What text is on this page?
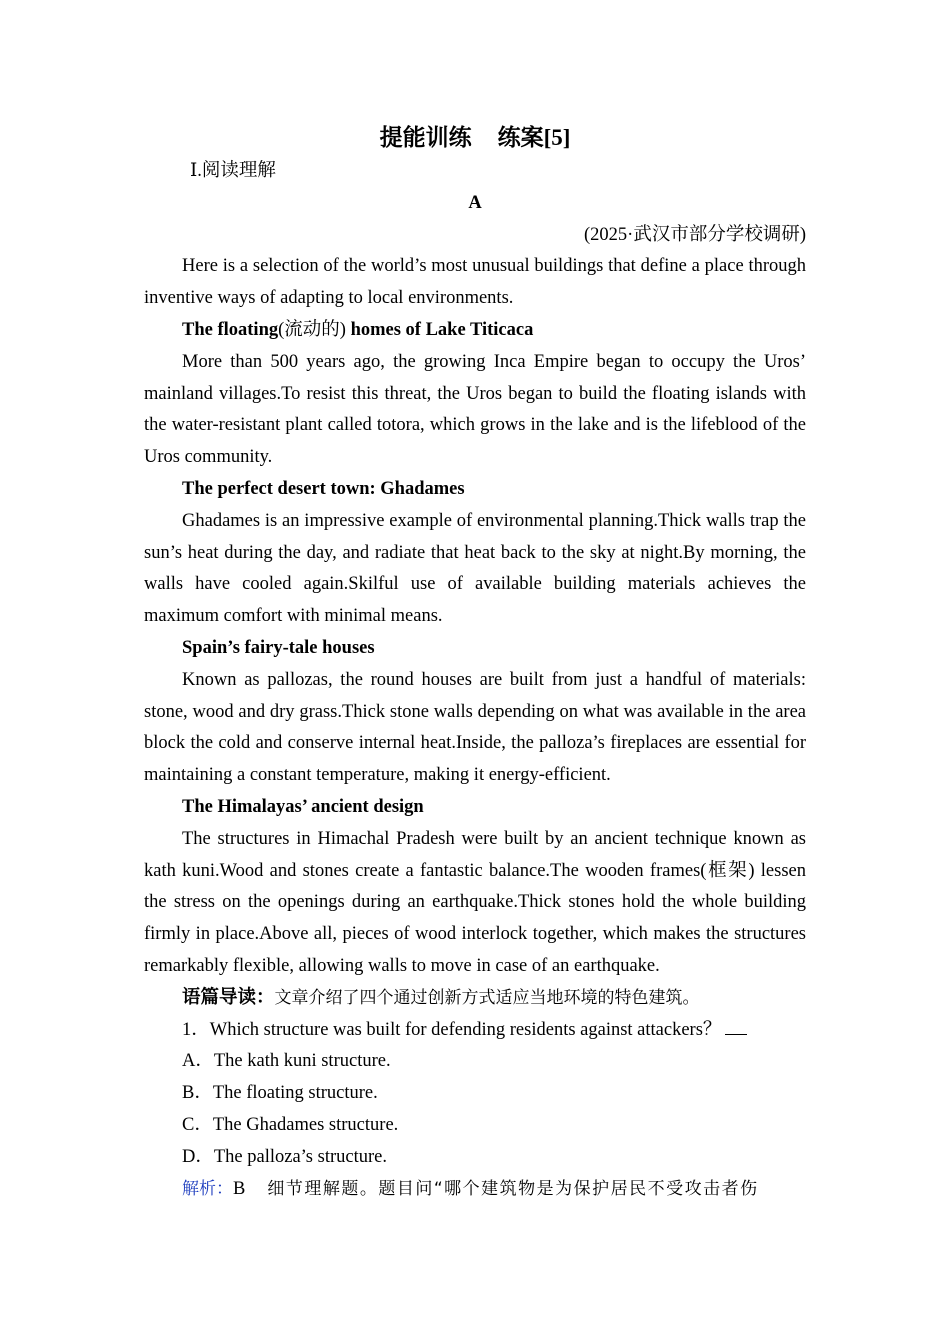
提能训练 练案[5]

Ⅰ.阅读理解

A

(2025·武汉市部分学校调研)

Here is a selection of the world’s most unusual buildings that define a place through inventive ways of adapting to local environments.

The floating(流动的) homes of Lake Titicaca

More than 500 years ago, the growing Inca Empire began to occupy the Uros’ mainland villages.To resist this threat, the Uros began to build the floating islands with the water-resistant plant called totora, which grows in the lake and is the lifeblood of the Uros community.

The perfect desert town: Ghadames

Ghadames is an impressive example of environmental planning.Thick walls trap the sun’s heat during the day, and radiate that heat back to the sky at night.By morning, the walls have cooled again.Skilful use of available building materials achieves the maximum comfort with minimal means.

Spain’s fairy-tale houses

Known as pallozas, the round houses are built from just a handful of materials: stone, wood and dry grass.Thick stone walls depending on what was available in the area block the cold and conserve internal heat.Inside, the palloza’s fireplaces are essential for maintaining a constant temperature, making it energy-efficient.

The Himalayas’ ancient design

The structures in Himachal Pradesh were built by an ancient technique known as kath kuni.Wood and stones create a fantastic balance.The wooden frames(框架) lessen the stress on the openings during an earthquake.Thick stones hold the whole building firmly in place.Above all, pieces of wood interlock together, which makes the structures remarkably flexible, allowing walls to move in case of an earthquake.

语篇导读：文章介绍了四个通过创新方式适应当地环境的特色建筑。

1．Which structure was built for defending residents against attackers？

A．The kath kuni structure.

B．The floating structure.

C．The Ghadames structure.

D．The palloza’s structure.

解析：B 细节理解题。题目问“哪个建筑物是为保护居民不受攻击者伤
